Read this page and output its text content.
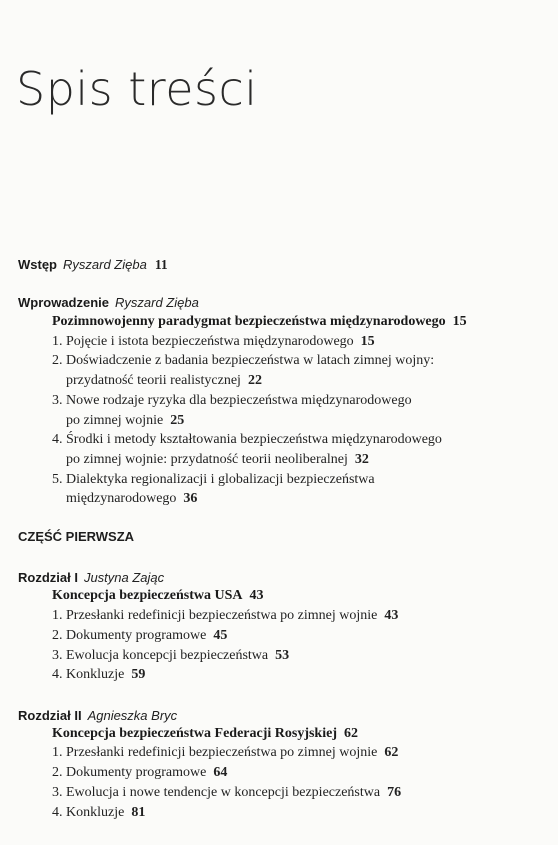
Spis treści
Wstęp Ryszard Zięba 11
Wprowadzenie Ryszard Zięba
Pozimnowojenny paradygmat bezpieczeństwa międzynarodowego 15
1. Pojęcie i istota bezpieczeństwa międzynarodowego 15
2. Doświadczenie z badania bezpieczeństwa w latach zimnej wojny:
przydatność teorii realistycznej 22
3. Nowe rodzaje ryzyka dla bezpieczeństwa międzynarodowego
po zimnej wojnie 25
4. Środki i metody kształtowania bezpieczeństwa międzynarodowego
po zimnej wojnie: przydatność teorii neoliberalnej 32
5. Dialektyka regionalizacji i globalizacji bezpieczeństwa
międzynarodowego 36
CZĘŚĆ PIERWSZA
Rozdział I Justyna Zając
Koncepcja bezpieczeństwa USA 43
1. Przesłanki redefinicji bezpieczeństwa po zimnej wojnie 43
2. Dokumenty programowe 45
3. Ewolucja koncepcji bezpieczeństwa 53
4. Konkluzje 59
Rozdział II Agnieszka Bryc
Koncepcja bezpieczeństwa Federacji Rosyjskiej 62
1. Przesłanki redefinicji bezpieczeństwa po zimnej wojnie 62
2. Dokumenty programowe 64
3. Ewolucja i nowe tendencje w koncepcji bezpieczeństwa 76
4. Konkluzje 81
